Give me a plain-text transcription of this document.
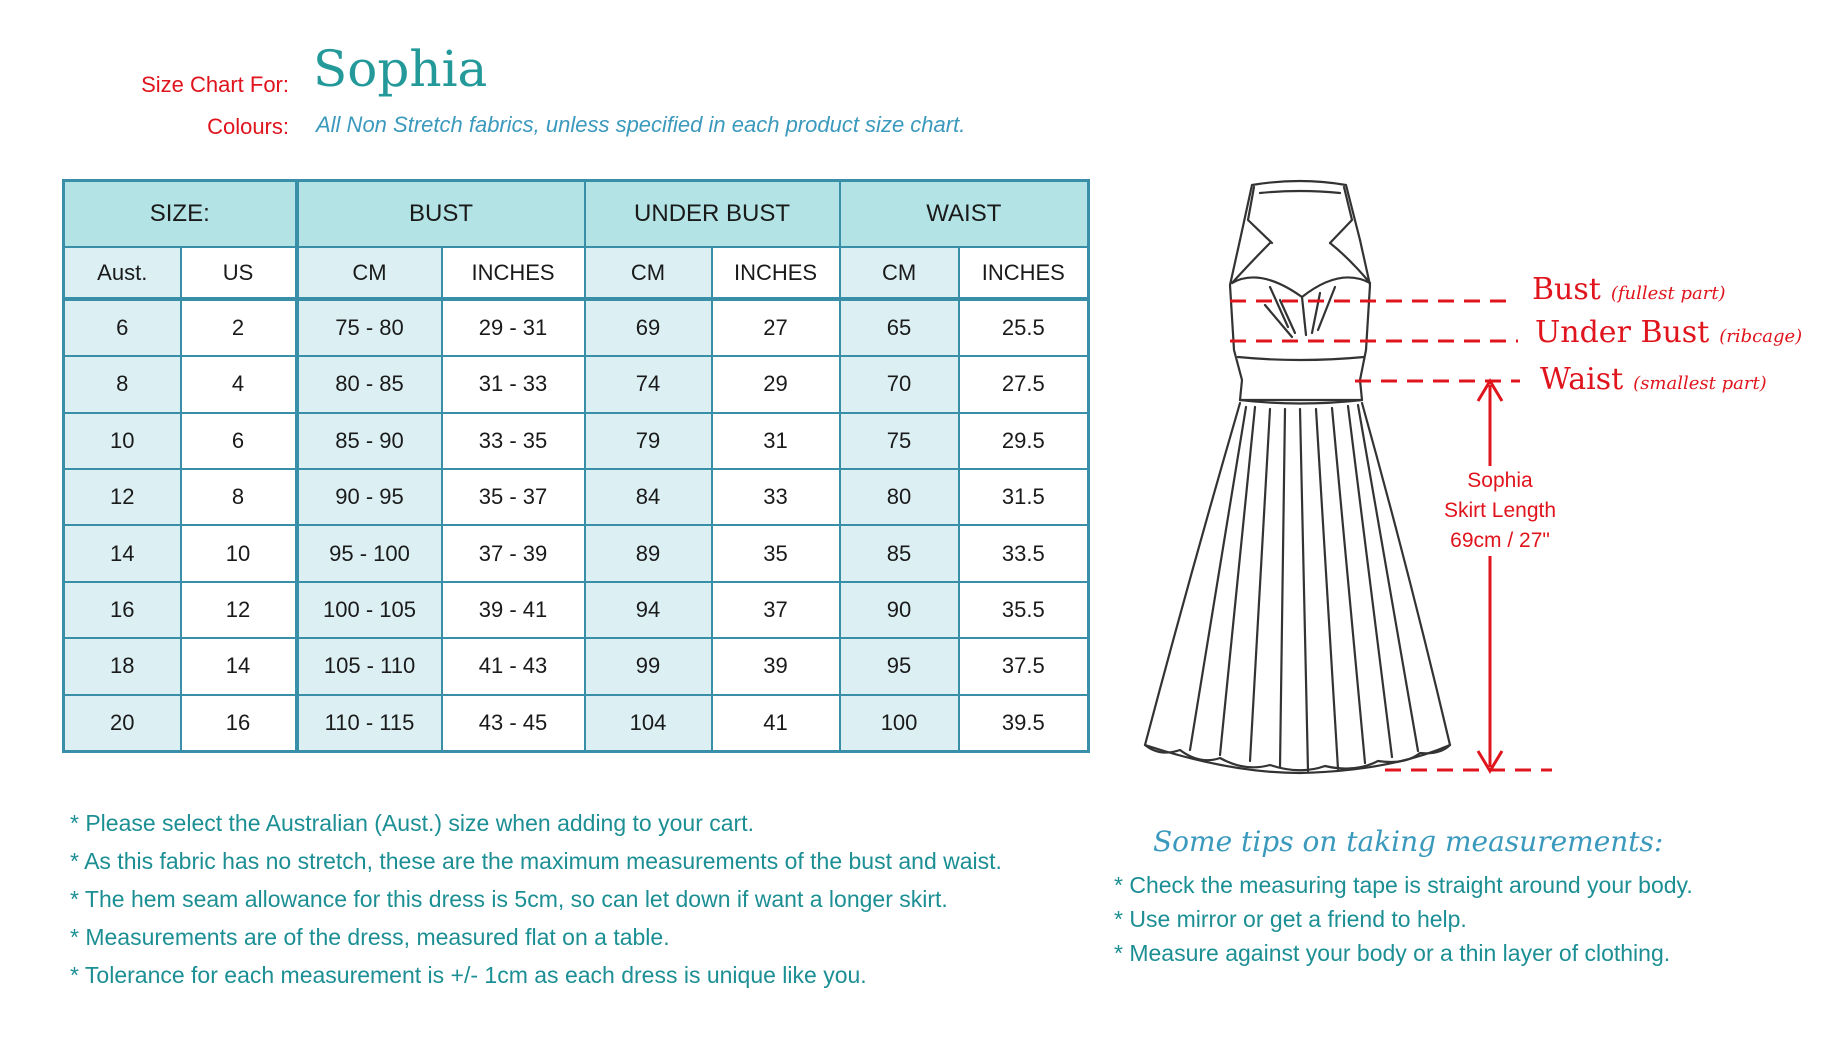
Size Chart For: Sophia
Colours: All Non Stretch fabrics, unless specified in each product size chart.
SIZE:		BUST		UNDER BUST		WAIST	
Aust.	US	CM	INCHES	CM	INCHES	CM	INCHES
6	2	75 - 80	29 - 31	69	27	65	25.5
8	4	80 - 85	31 - 33	74	29	70	27.5
10	6	85 - 90	33 - 35	79	31	75	29.5
12	8	90 - 95	35 - 37	84	33	80	31.5
14	10	95 - 100	37 - 39	89	35	85	33.5
16	12	100 - 105	39 - 41	94	37	90	35.5
18	14	105 - 110	41 - 43	99	39	95	37.5
20	16	110 - 115	43 - 45	104	41	100	39.5
Bust (fullest part)
Under Bust (ribcage)
Waist (smallest part)
Sophia
Skirt Length
69cm / 27"
* Please select the Australian (Aust.) size when adding to your cart.
* As this fabric has no stretch, these are the maximum measurements of the bust and waist.
* The hem seam allowance for this dress is 5cm, so can let down if want a longer skirt.
* Measurements are of the dress, measured flat on a table.
* Tolerance for each measurement is +/- 1cm as each dress is unique like you.
Some tips on taking measurements:
* Check the measuring tape is straight around your body.
* Use mirror or get a friend to help.
* Measure against your body or a thin layer of clothing.
